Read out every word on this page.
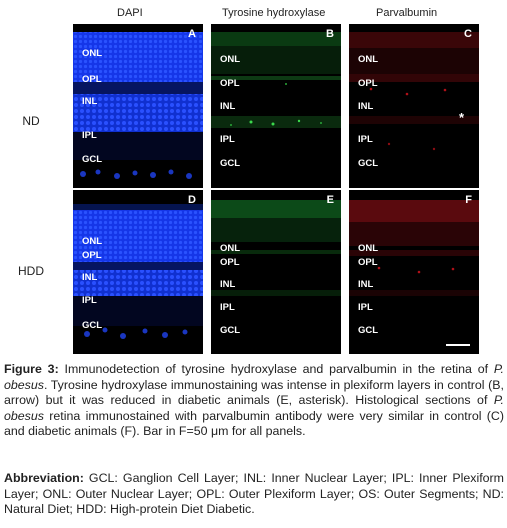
DAPI	Tyrosine hydroxylase	Parvalbumin
ND
HDD
A
ONL
OPL
INL
IPL
GCL
B
ONL
OPL
INL
IPL
GCL
C
ONL
OPL
INL
IPL
GCL
D
ONL
OPL
INL
IPL
GCL
E
ONL
OPL
INL
IPL
GCL
F
ONL
OPL
INL
IPL
GCL
*
Figure 3: Immunodetection of tyrosine hydroxylase and parvalbumin in the retina of P. obesus. Tyrosine hydroxylase immunostaining was intense in plexiform layers in control (B, arrow) but it was reduced in diabetic animals (E, asterisk). Histological sections of P. obesus retina immunostained with parvalbumin antibody were very similar in control (C) and diabetic animals (F). Bar in F=50 μm for all panels.
Abbreviation: GCL: Ganglion Cell Layer; INL: Inner Nuclear Layer; IPL: Inner Plexiform Layer; ONL: Outer Nuclear Layer; OPL: Outer Plexiform Layer; OS: Outer Segments; ND: Natural Diet; HDD: High-protein Diet Diabetic.
